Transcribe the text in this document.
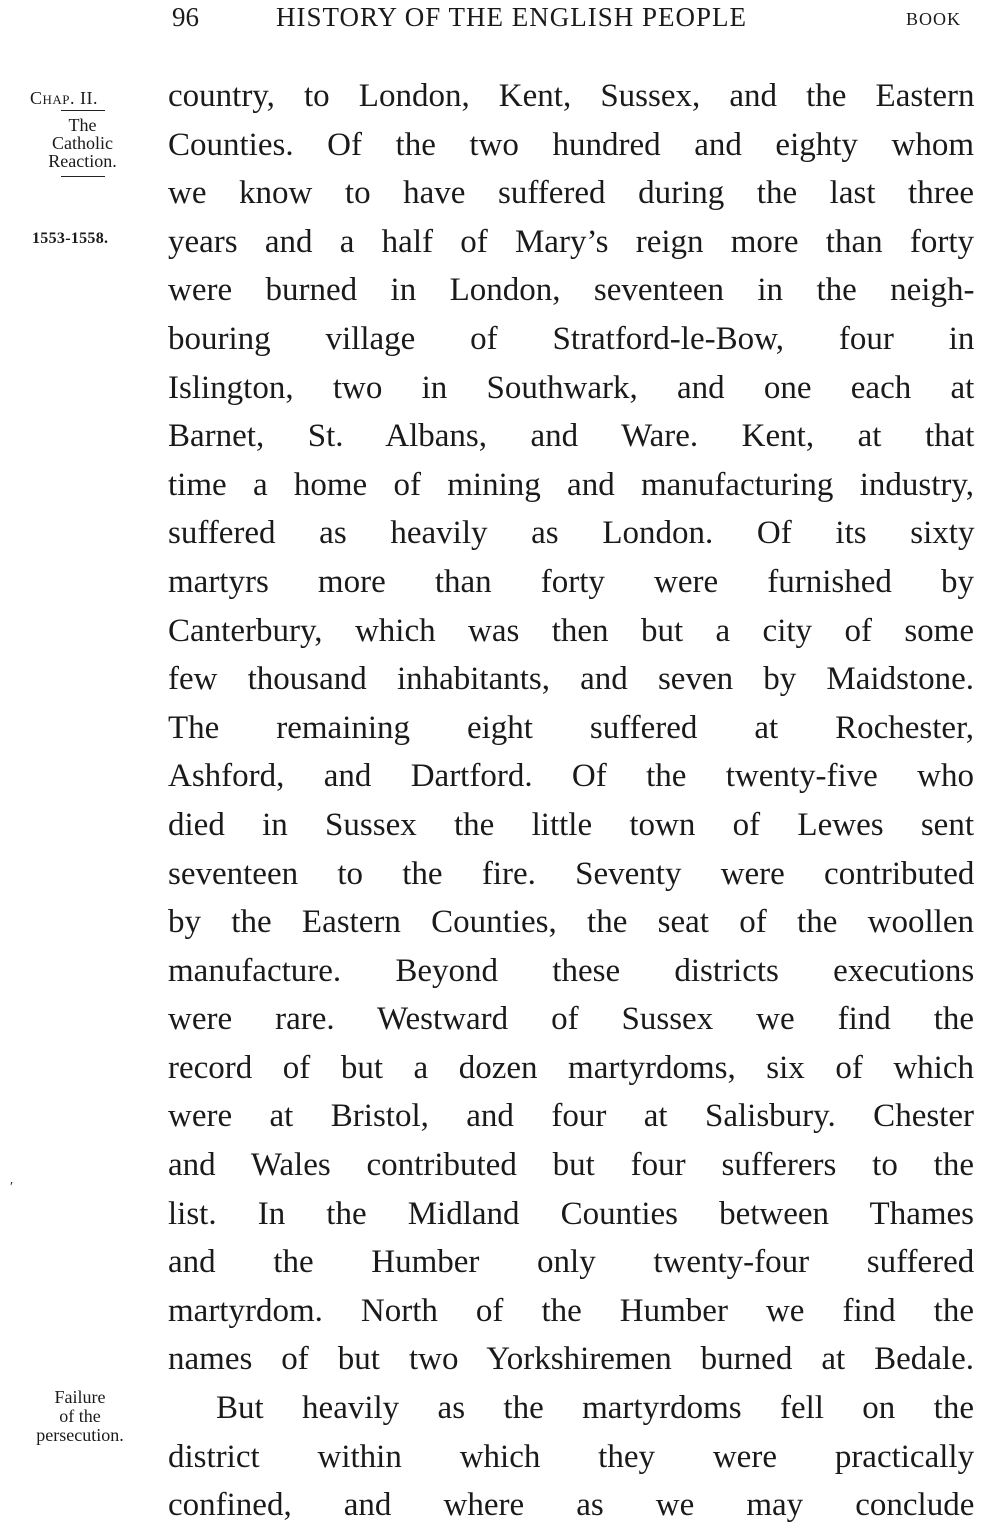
96	HISTORY OF THE ENGLISH PEOPLE	BOOK
Chap. II.
The
Catholic
Reaction.
1553-1558.
Failure
of the
persecution.
′
country, to London, Kent, Sussex, and the Eastern
Counties. Of the two hundred and eighty whom
we know to have suffered during the last three
years and a half of Mary’s reign more than forty
were burned in London, seventeen in the neigh-
bouring village of Stratford-le-Bow, four in
Islington, two in Southwark, and one each at
Barnet, St. Albans, and Ware. Kent, at that
time a home of mining and manufacturing industry,
suffered as heavily as London. Of its sixty
martyrs more than forty were furnished by
Canterbury, which was then but a city of some
few thousand inhabitants, and seven by Maidstone.
The remaining eight suffered at Rochester,
Ashford, and Dartford. Of the twenty-five who
died in Sussex the little town of Lewes sent
seventeen to the fire. Seventy were contributed
by the Eastern Counties, the seat of the woollen
manufacture. Beyond these districts executions
were rare. Westward of Sussex we find the
record of but a dozen martyrdoms, six of which
were at Bristol, and four at Salisbury. Chester
and Wales contributed but four sufferers to the
list. In the Midland Counties between Thames
and the Humber only twenty-four suffered
martyrdom. North of the Humber we find the
names of but two Yorkshiremen burned at Bedale.
But heavily as the martyrdoms fell on the
district within which they were practically
confined, and where as we may conclude
